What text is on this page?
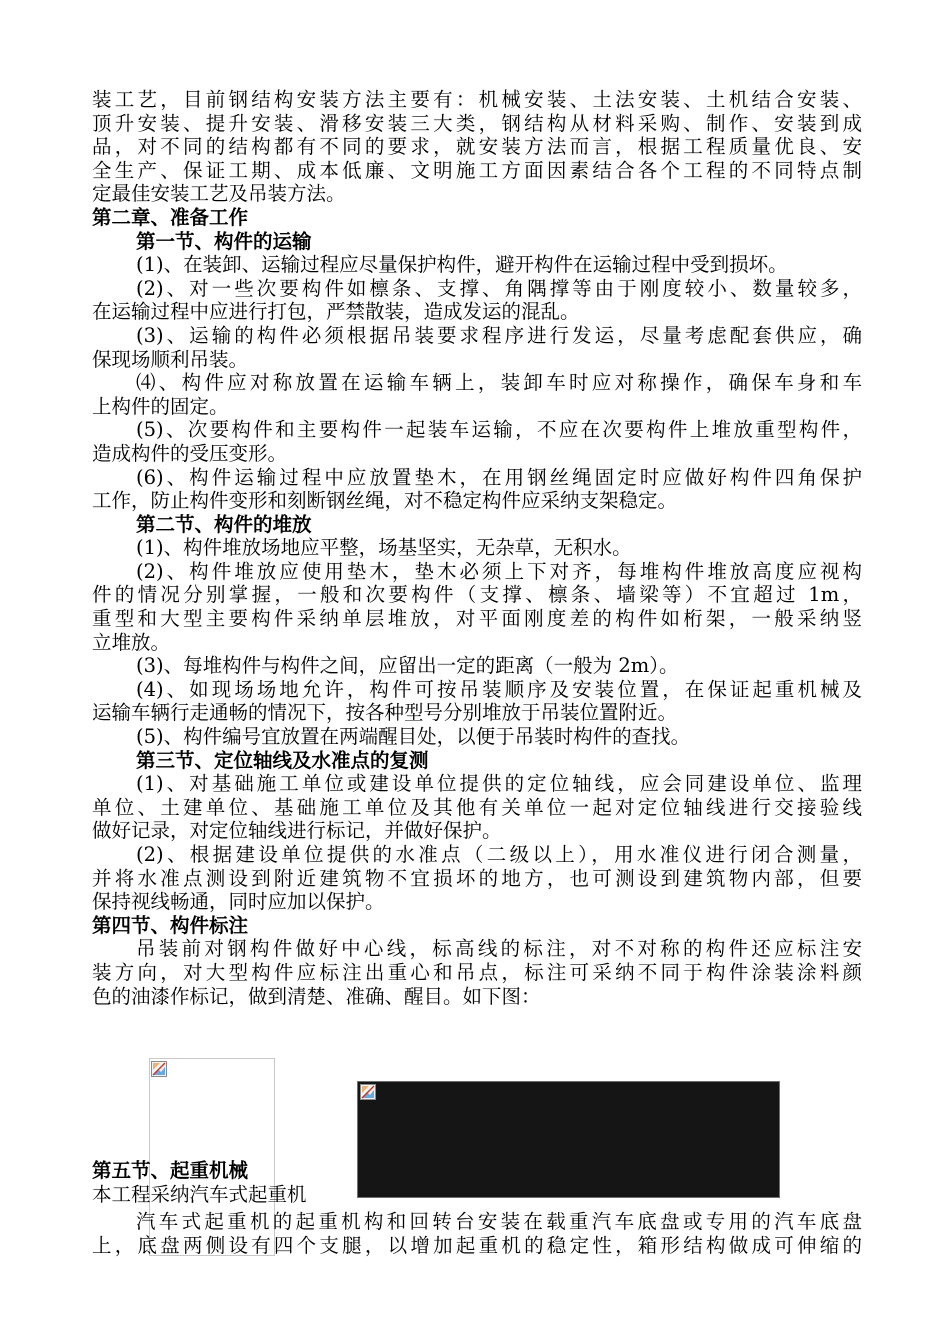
装工艺，目前钢结构安装方法主要有：机械安装、土法安装、土机结合安装、

顶升安装、提升安装、滑移安装三大类，钢结构从材料采购、制作、安装到成

品，对不同的结构都有不同的要求，就安装方法而言，根据工程质量优良、安

全生产、保证工期、成本低廉、文明施工方面因素结合各个工程的不同特点制

定最佳安装工艺及吊装方法。

第二章、准备工作

第一节、构件的运输

(1)、在装卸、运输过程应尽量保护构件，避开构件在运输过程中受到损坏。

(2)、对一些次要构件如檩条、支撑、角隅撑等由于刚度较小、数量较多，

在运输过程中应进行打包，严禁散装，造成发运的混乱。

(3)、运输的构件必须根据吊装要求程序进行发运，尽量考虑配套供应，确

保现场顺利吊装。

⑷、构件应对称放置在运输车辆上，装卸车时应对称操作，确保车身和车

上构件的固定。

(5)、次要构件和主要构件一起装车运输，不应在次要构件上堆放重型构件，

造成构件的受压变形。

(6)、构件运输过程中应放置垫木，在用钢丝绳固定时应做好构件四角保护

工作，防止构件变形和刻断钢丝绳，对不稳定构件应采纳支架稳定。

第二节、构件的堆放

(1)、构件堆放场地应平整，场基坚实，无杂草，无积水。

(2)、构件堆放应使用垫木，垫木必须上下对齐，每堆构件堆放高度应视构

件的情况分别掌握，一般和次要构件（支撑、檩条、墙梁等）不宜超过 1m，

重型和大型主要构件采纳单层堆放，对平面刚度差的构件如桁架，一般采纳竖

立堆放。

(3)、每堆构件与构件之间，应留出一定的距离（一般为 2m）。

(4)、如现场场地允许，构件可按吊装顺序及安装位置，在保证起重机械及

运输车辆行走通畅的情况下，按各种型号分别堆放于吊装位置附近。

(5)、构件编号宜放置在两端醒目处，以便于吊装时构件的查找。

第三节、定位轴线及水准点的复测

(1)、对基础施工单位或建设单位提供的定位轴线，应会同建设单位、监理

单位、土建单位、基础施工单位及其他有关单位一起对定位轴线进行交接验线

做好记录，对定位轴线进行标记，并做好保护。

(2)、根据建设单位提供的水准点（二级以上），用水准仪进行闭合测量，

并将水准点测设到附近建筑物不宜损坏的地方，也可测设到建筑物内部，但要

保持视线畅通，同时应加以保护。

第四节、构件标注

吊装前对钢构件做好中心线，标高线的标注，对不对称的构件还应标注安

装方向，对大型构件应标注出重心和吊点，标注可采纳不同于构件涂装涂料颜

色的油漆作标记，做到清楚、准确、醒目。如下图：

第五节、起重机械

本工程采纳汽车式起重机

汽车式起重机的起重机构和回转台安装在载重汽车底盘或专用的汽车底盘

上，底盘两侧设有四个支腿，以增加起重机的稳定性，箱形结构做成可伸缩的
